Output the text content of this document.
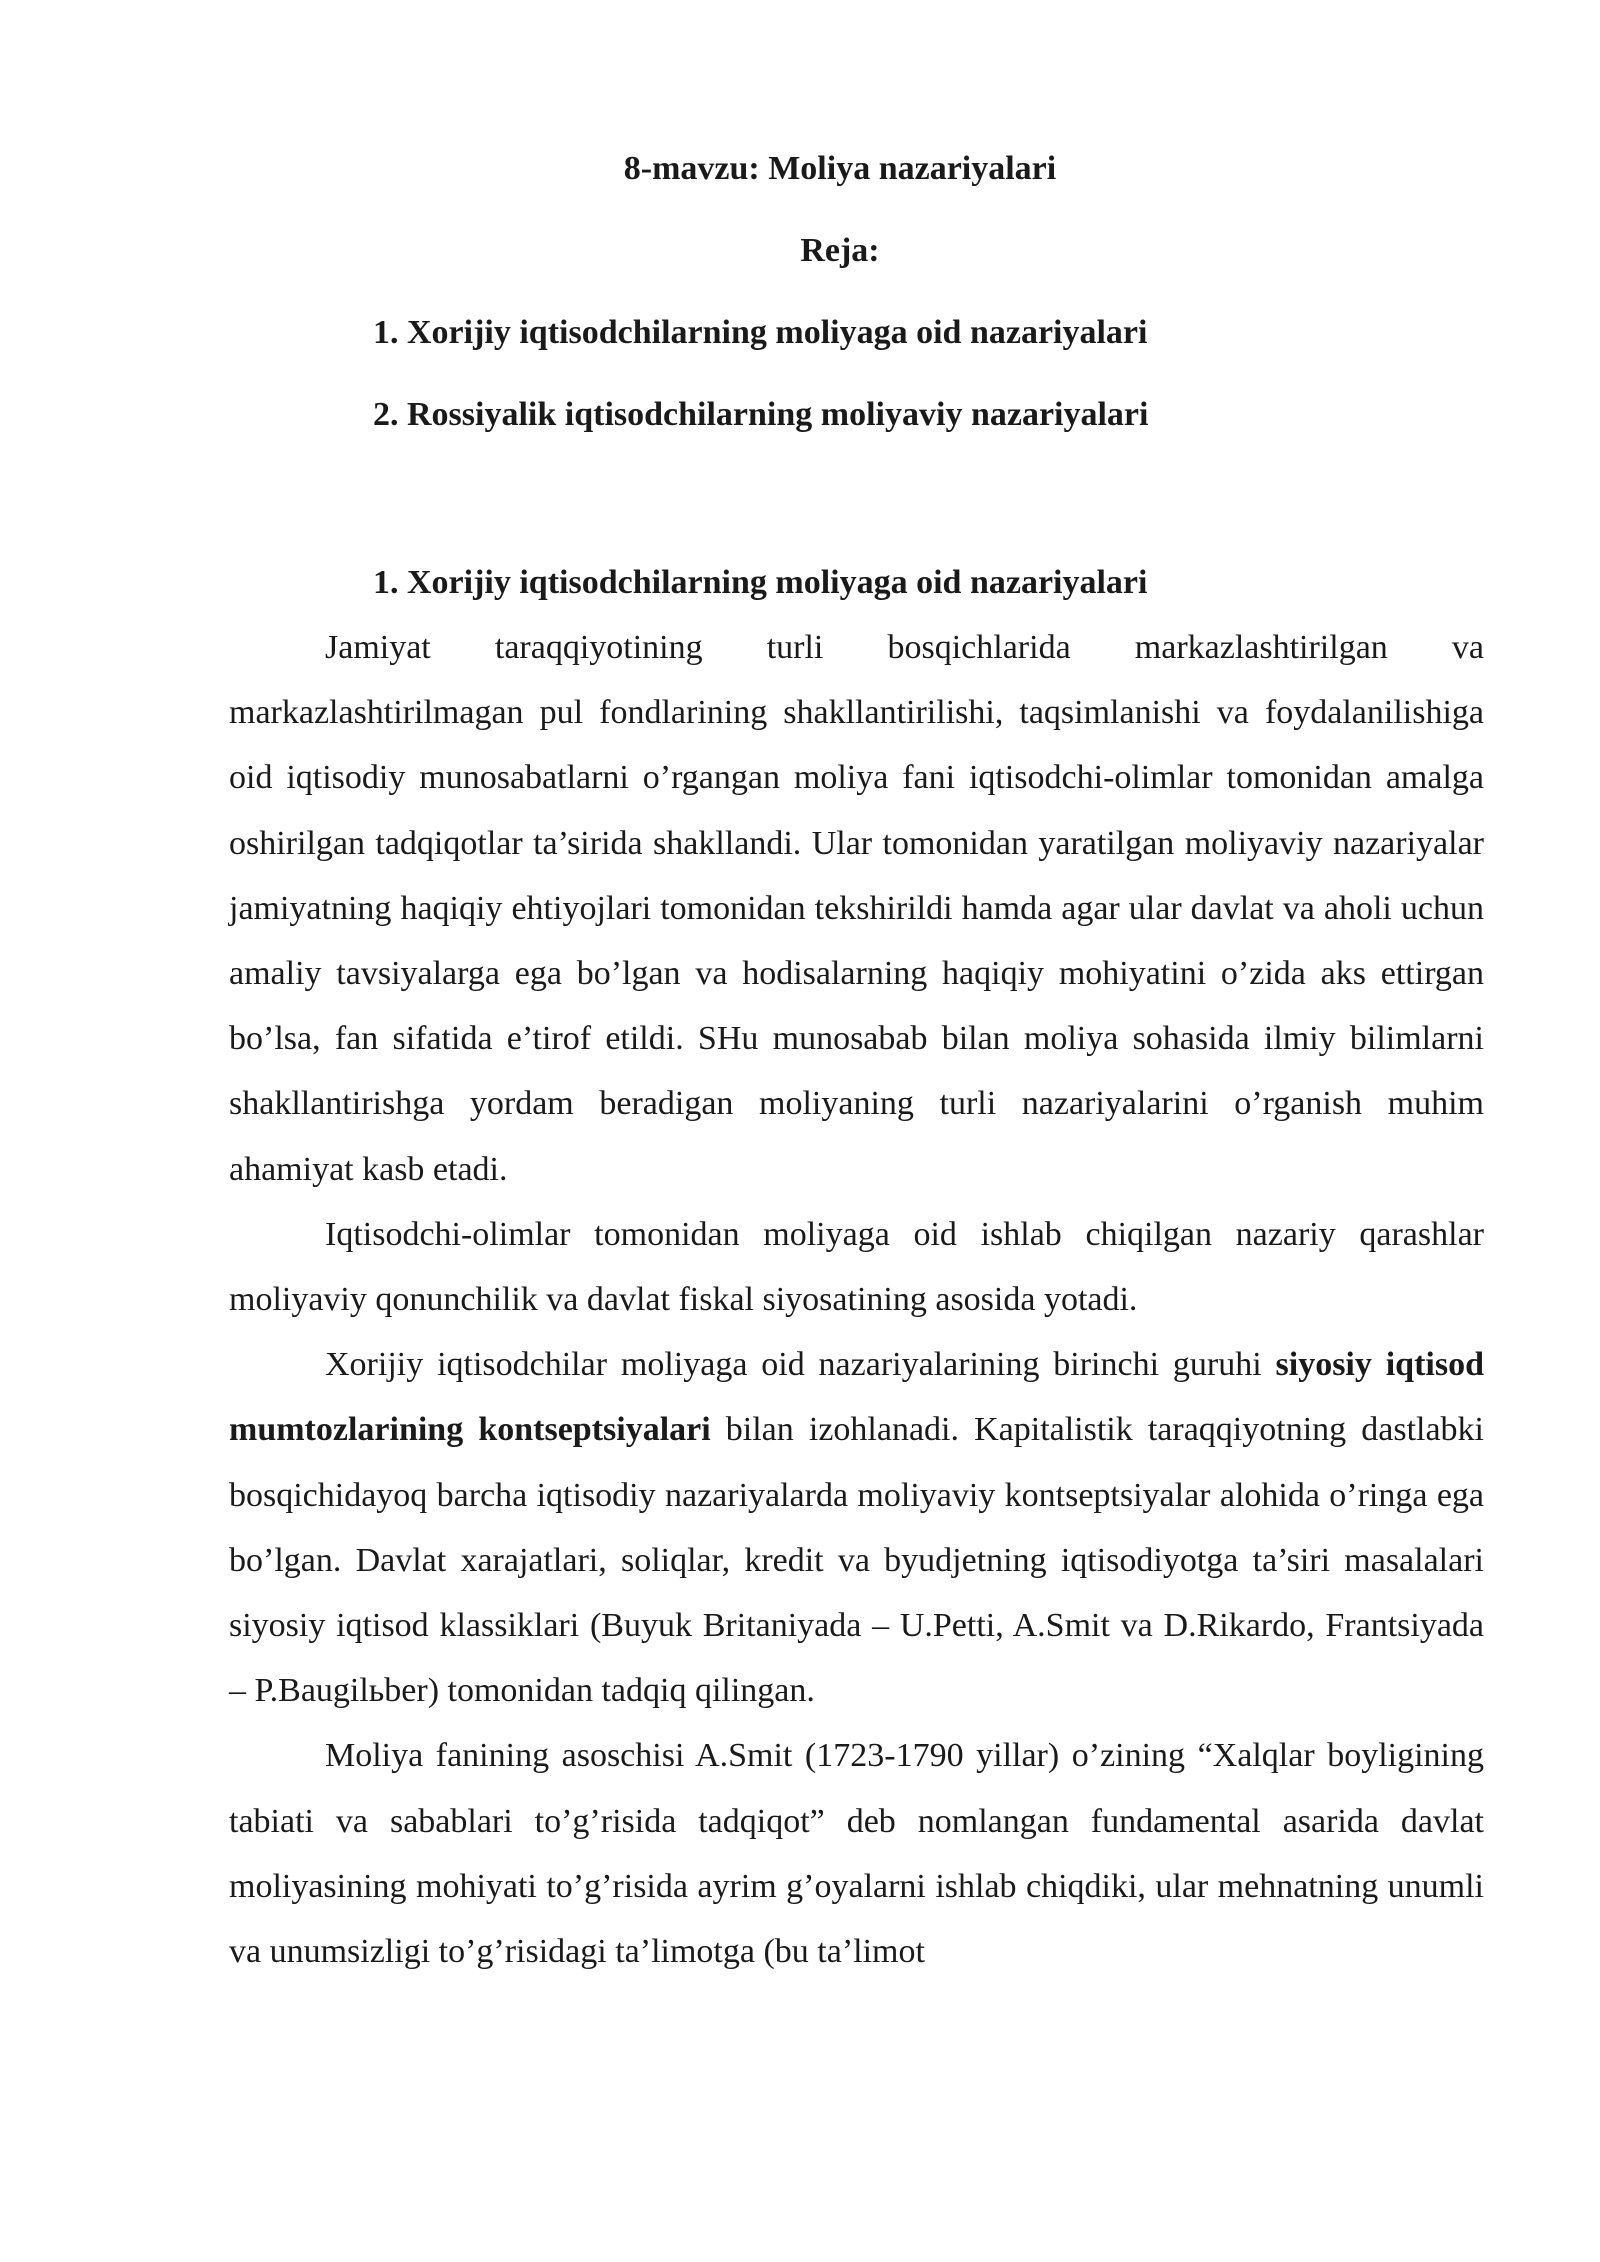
8-mavzu: Moliya nazariyalari

Reja:

1. Xorijiy iqtisodchilarning moliyaga oid nazariyalari
2. Rossiyalik iqtisodchilarning moliyaviy nazariyalari
1. Xorijiy iqtisodchilarning moliyaga oid nazariyalari

Jamiyat taraqqiyotining turli bosqichlarida markazlashtirilgan va markazlashtirilmagan pul fondlarining shakllantirilishi, taqsimlanishi va foydalanilishiga oid iqtisodiy munosabatlarni o’rgangan moliya fani iqtisodchi-olimlar tomonidan amalga oshirilgan tadqiqotlar ta’sirida shakllandi. Ular tomonidan yaratilgan moliyaviy nazariyalar jamiyatning haqiqiy ehtiyojlari tomonidan tekshirildi hamda agar ular davlat va aholi uchun amaliy tavsiyalarga ega bo’lgan va hodisalarning haqiqiy mohiyatini o’zida aks ettirgan bo’lsa, fan sifatida e’tirof etildi. SHu munosabab bilan moliya sohasida ilmiy bilimlarni shakllantirishga yordam beradigan moliyaning turli nazariyalarini o’rganish muhim ahamiyat kasb etadi.

Iqtisodchi-olimlar tomonidan moliyaga oid ishlab chiqilgan nazariy qarashlar moliyaviy qonunchilik va davlat fiskal siyosatining asosida yotadi.

Xorijiy iqtisodchilar moliyaga oid nazariyalarining birinchi guruhi siyosiy iqtisod mumtozlarining kontseptsiyalari bilan izohlanadi. Kapitalistik taraqqiyotning dastlabki bosqichidayoq barcha iqtisodiy nazariyalarda moliyaviy kontseptsiyalar alohida o’ringa ega bo’lgan. Davlat xarajatlari, soliqlar, kredit va byudjetning iqtisodiyotga ta’siri masalalari siyosiy iqtisod klassiklari (Buyuk Britaniyada – U.Petti, A.Smit va D.Rikardo, Frantsiyada – P.Baugilьber) tomonidan tadqiq qilingan.

Moliya fanining asoschisi A.Smit (1723-1790 yillar) o’zining “Xalqlar boyligining tabiati va sabablari to’g’risida tadqiqot” deb nomlangan fundamental asarida davlat moliyasining mohiyati to’g’risida ayrim g’oyalarni ishlab chiqdiki, ular mehnatning unumli va unumsizligi to’g’risidagi ta’limotga (bu ta’limot
